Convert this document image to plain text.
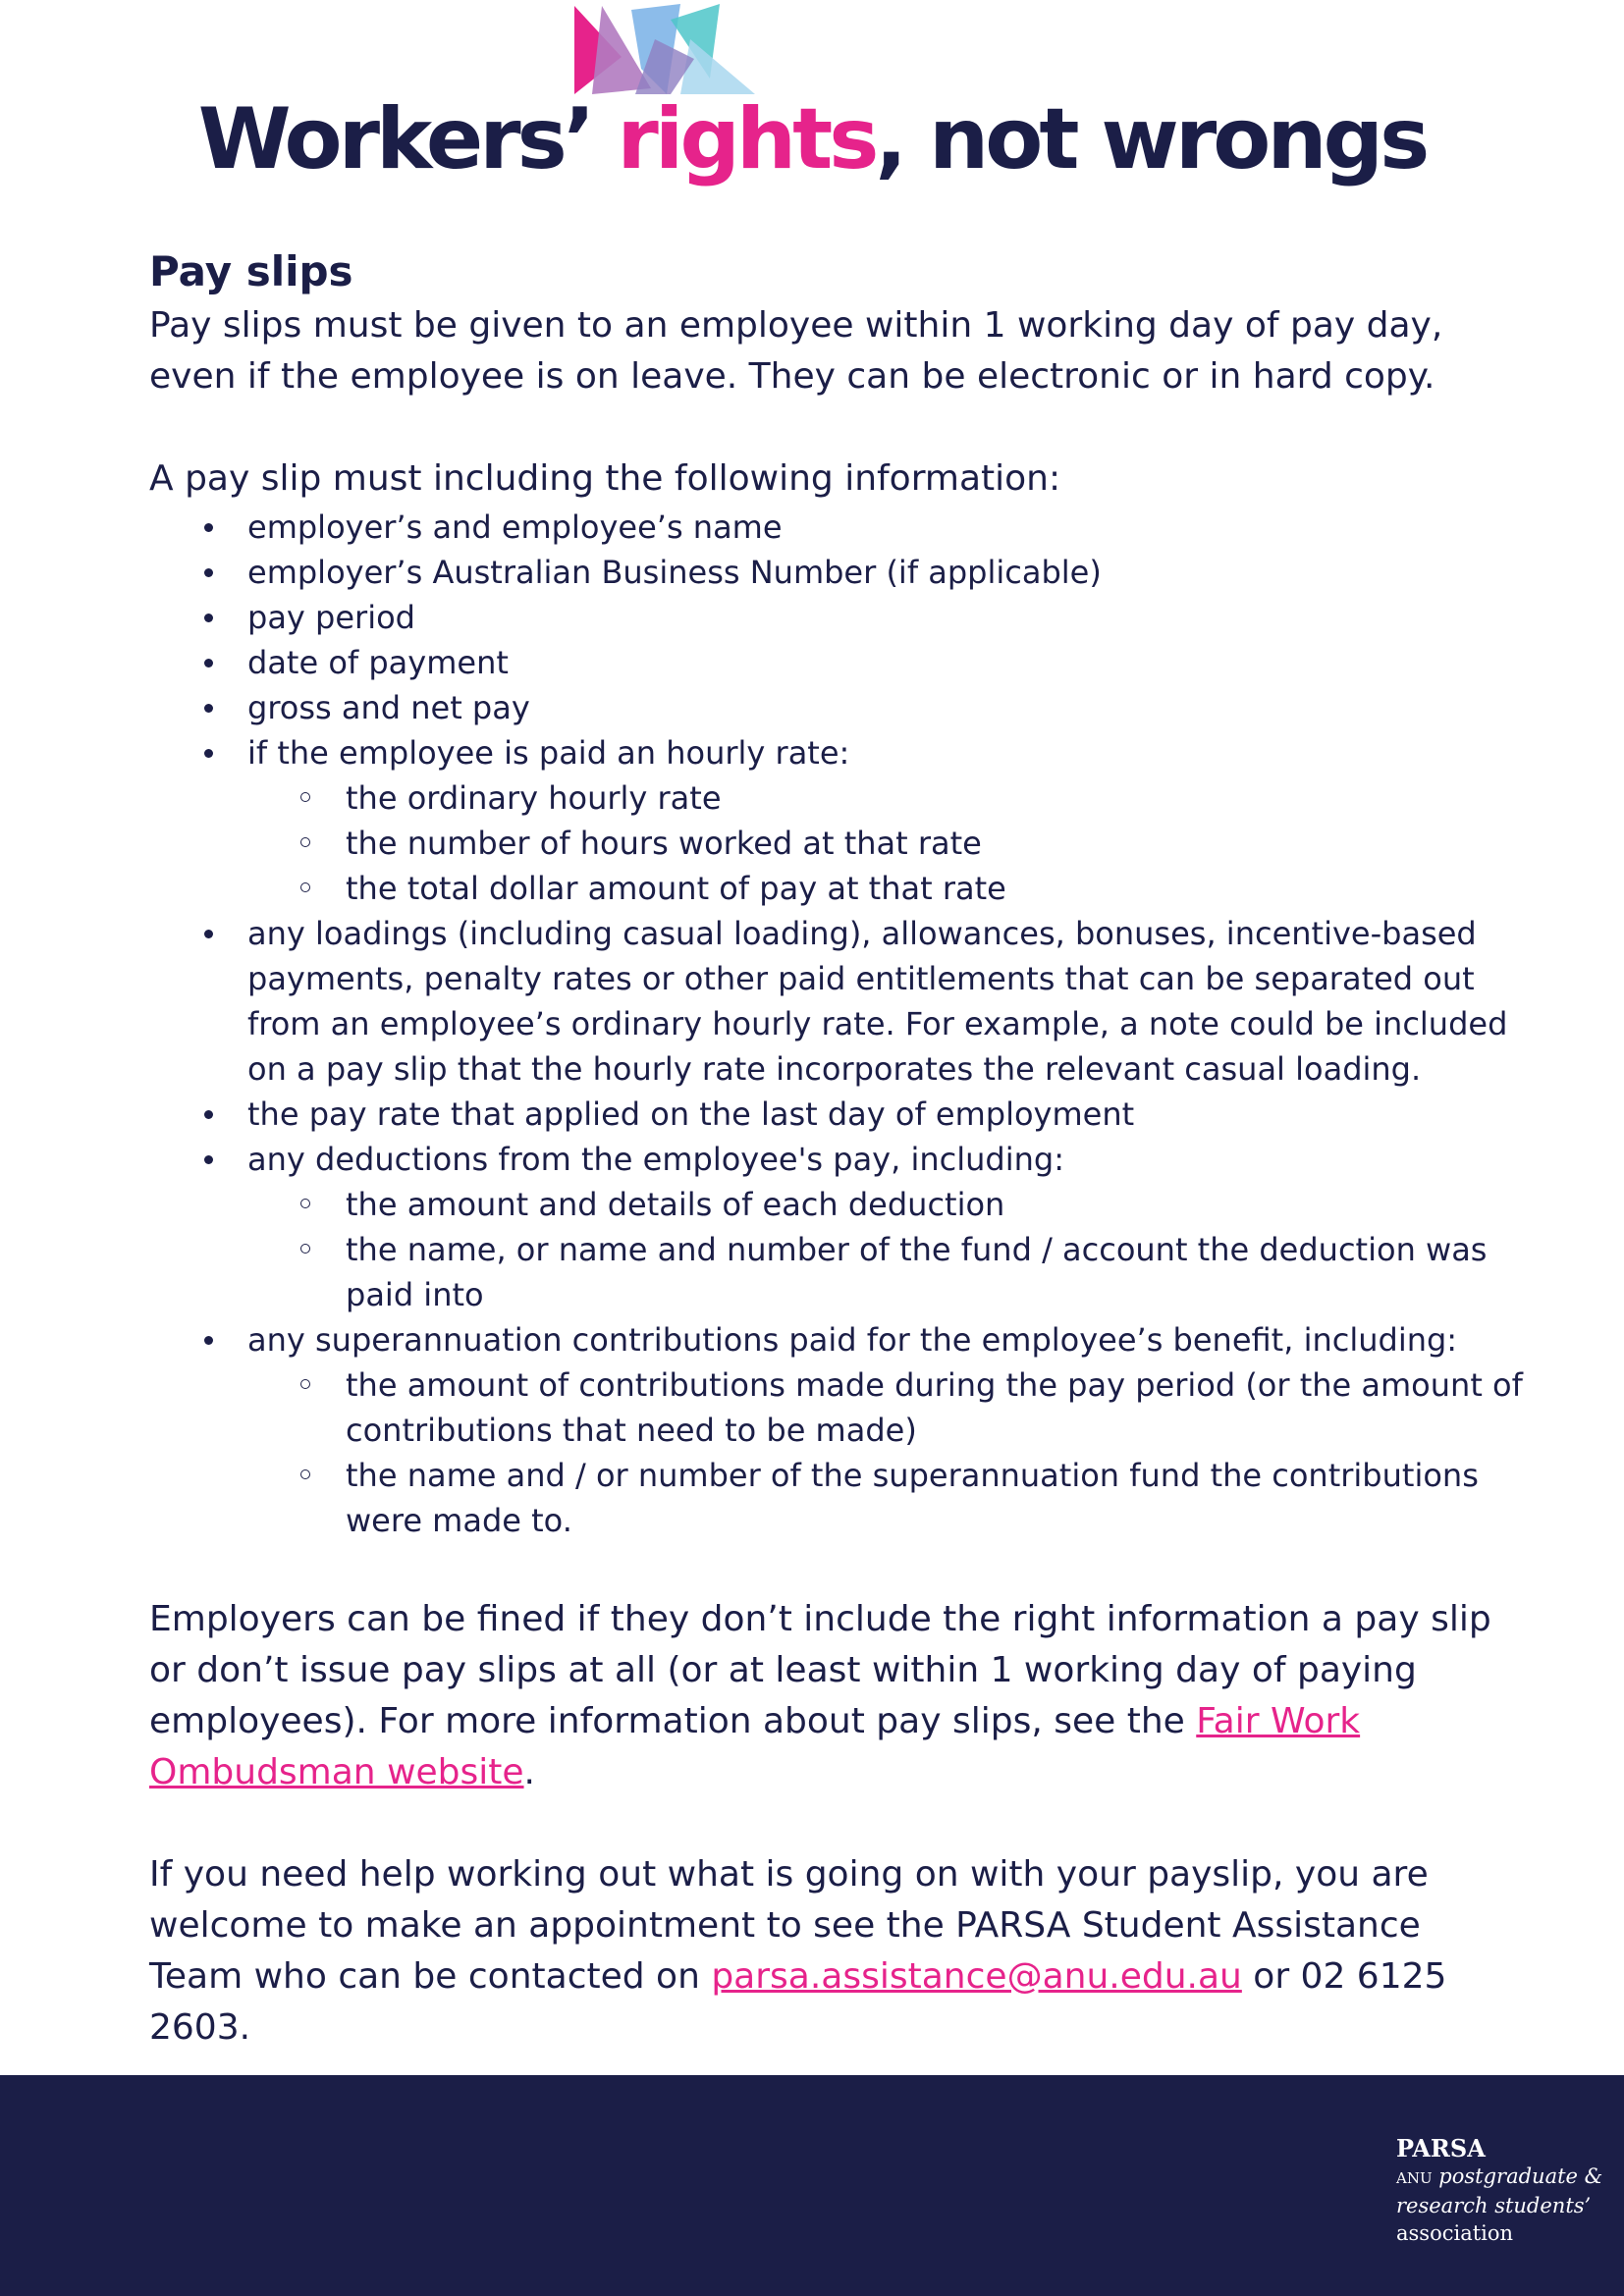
Workers’ rights, not wrongs
Pay slips

Pay slips must be given to an employee within 1 working day of pay day, even if the employee is on leave. They can be electronic or in hard copy.

A pay slip must including the following information:

employer’s and employee’s name
employer’s Australian Business Number (if applicable)
pay period
date of payment
gross and net pay
if the employee is paid an hourly rate:
the ordinary hourly rate
the number of hours worked at that rate
the total dollar amount of pay at that rate
any loadings (including casual loading), allowances, bonuses, incentive-based payments, penalty rates or other paid entitlements that can be separated out from an employee’s ordinary hourly rate. For example, a note could be included on a pay slip that the hourly rate incorporates the relevant casual loading.
the pay rate that applied on the last day of employment
any deductions from the employee's pay, including:
the amount and details of each deduction
the name, or name and number of the fund / account the deduction was paid into
any superannuation contributions paid for the employee’s benefit, including:
the amount of contributions made during the pay period (or the amount of contributions that need to be made)
the name and / or number of the superannuation fund the contributions were made to.

Employers can be fined if they don’t include the right information a pay slip or don’t issue pay slips at all (or at least within 1 working day of paying employees). For more information about pay slips, see the Fair Work Ombudsman website.

If you need help working out what is going on with your payslip, you are welcome to make an appointment to see the PARSA Student Assistance Team who can be contacted on parsa.assistance@anu.edu.au or 02 6125 2603.

PARSA
ANU postgraduate &
research students’
association
